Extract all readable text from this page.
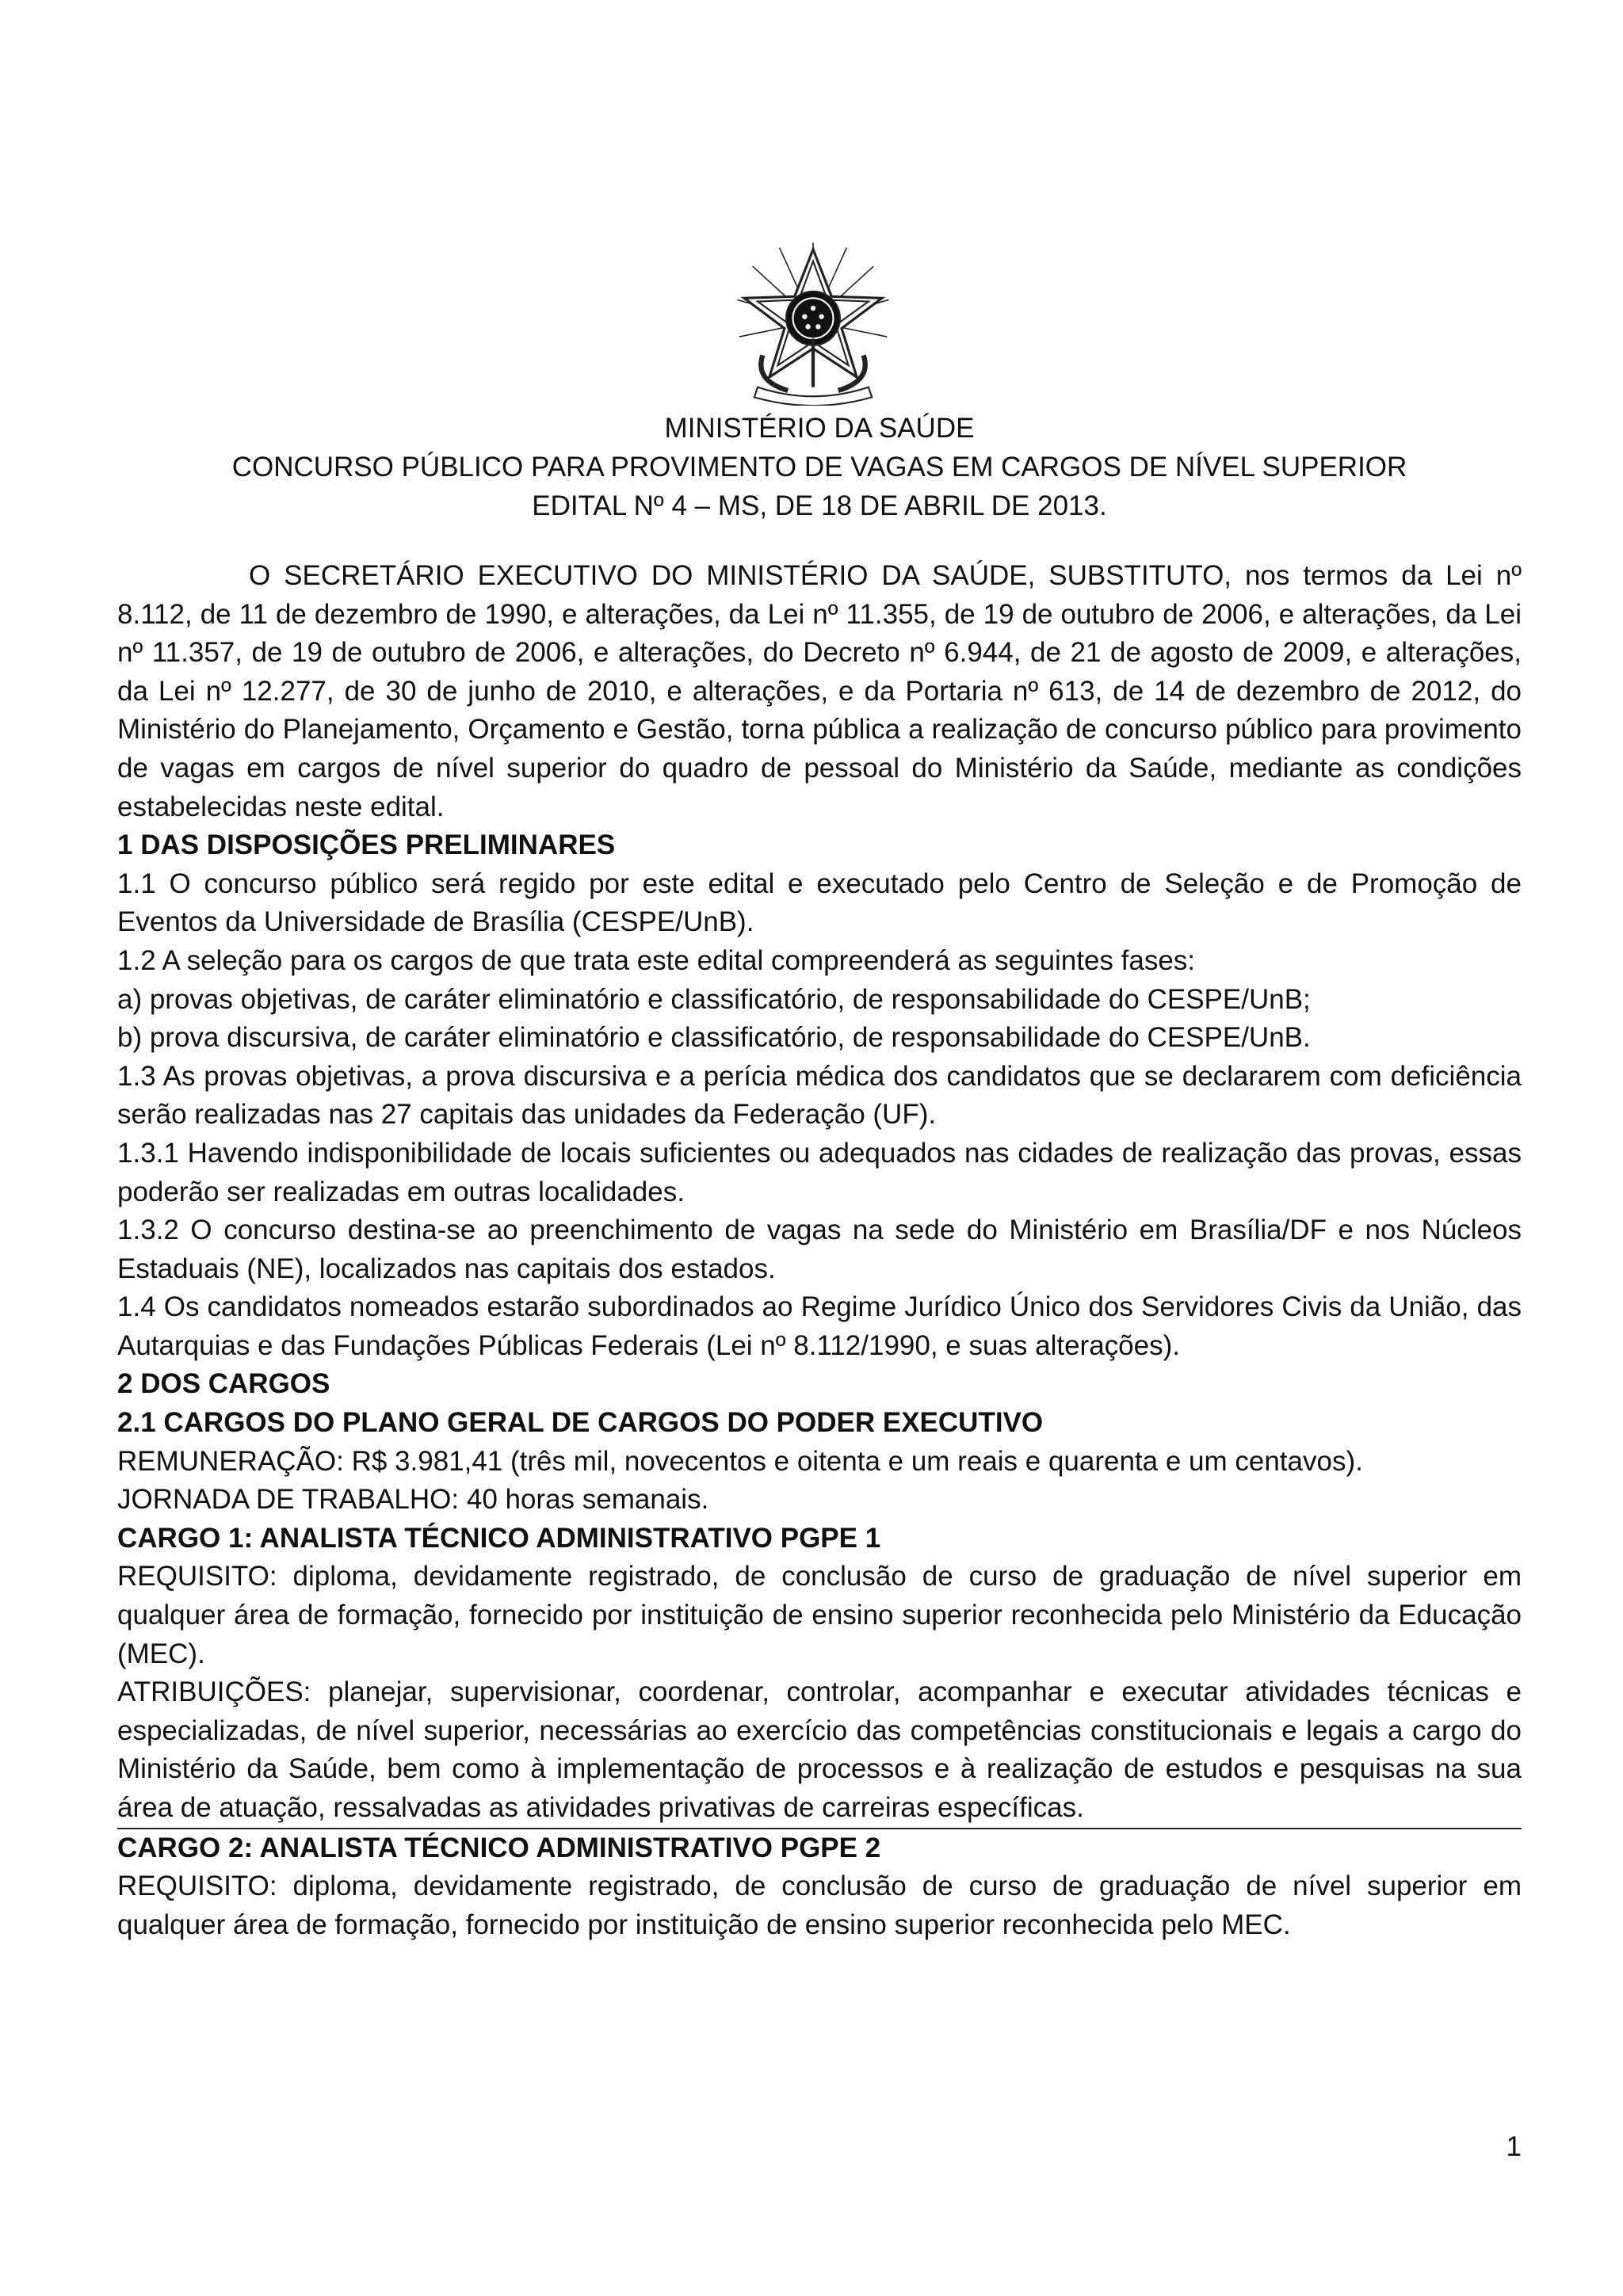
MINISTÉRIO DA SAÚDE
CONCURSO PÚBLICO PARA PROVIMENTO DE VAGAS EM CARGOS DE NÍVEL SUPERIOR
EDITAL Nº 4 – MS, DE 18 DE ABRIL DE 2013.

O SECRETÁRIO EXECUTIVO DO MINISTÉRIO DA SAÚDE, SUBSTITUTO, nos termos da Lei nº 8.112, de 11 de dezembro de 1990, e alterações, da Lei nº 11.355, de 19 de outubro de 2006, e alterações, da Lei nº 11.357, de 19 de outubro de 2006, e alterações, do Decreto nº 6.944, de 21 de agosto de 2009, e alterações, da Lei nº 12.277, de 30 de junho de 2010, e alterações, e da Portaria nº 613, de 14 de dezembro de 2012, do Ministério do Planejamento, Orçamento e Gestão, torna pública a realização de concurso público para provimento de vagas em cargos de nível superior do quadro de pessoal do Ministério da Saúde, mediante as condições estabelecidas neste edital.

1 DAS DISPOSIÇÕES PRELIMINARES

1.1 O concurso público será regido por este edital e executado pelo Centro de Seleção e de Promoção de Eventos da Universidade de Brasília (CESPE/UnB).

1.2 A seleção para os cargos de que trata este edital compreenderá as seguintes fases:

a) provas objetivas, de caráter eliminatório e classificatório, de responsabilidade do CESPE/UnB;

b) prova discursiva, de caráter eliminatório e classificatório, de responsabilidade do CESPE/UnB.

1.3 As provas objetivas, a prova discursiva e a perícia médica dos candidatos que se declararem com deficiência serão realizadas nas 27 capitais das unidades da Federação (UF).

1.3.1 Havendo indisponibilidade de locais suficientes ou adequados nas cidades de realização das provas, essas poderão ser realizadas em outras localidades.

1.3.2 O concurso destina-se ao preenchimento de vagas na sede do Ministério em Brasília/DF e nos Núcleos Estaduais (NE), localizados nas capitais dos estados.

1.4 Os candidatos nomeados estarão subordinados ao Regime Jurídico Único dos Servidores Civis da União, das Autarquias e das Fundações Públicas Federais (Lei nº 8.112/1990, e suas alterações).

2 DOS CARGOS

2.1 CARGOS DO PLANO GERAL DE CARGOS DO PODER EXECUTIVO

REMUNERAÇÃO: R$ 3.981,41 (três mil, novecentos e oitenta e um reais e quarenta e um centavos).

JORNADA DE TRABALHO: 40 horas semanais.

CARGO 1: ANALISTA TÉCNICO ADMINISTRATIVO PGPE 1

REQUISITO: diploma, devidamente registrado, de conclusão de curso de graduação de nível superior em qualquer área de formação, fornecido por instituição de ensino superior reconhecida pelo Ministério da Educação (MEC).

ATRIBUIÇÕES: planejar, supervisionar, coordenar, controlar, acompanhar e executar atividades técnicas e especializadas, de nível superior, necessárias ao exercício das competências constitucionais e legais a cargo do Ministério da Saúde, bem como à implementação de processos e à realização de estudos e pesquisas na sua área de atuação, ressalvadas as atividades privativas de carreiras específicas.

CARGO 2: ANALISTA TÉCNICO ADMINISTRATIVO PGPE 2

REQUISITO: diploma, devidamente registrado, de conclusão de curso de graduação de nível superior em qualquer área de formação, fornecido por instituição de ensino superior reconhecida pelo MEC.

1
